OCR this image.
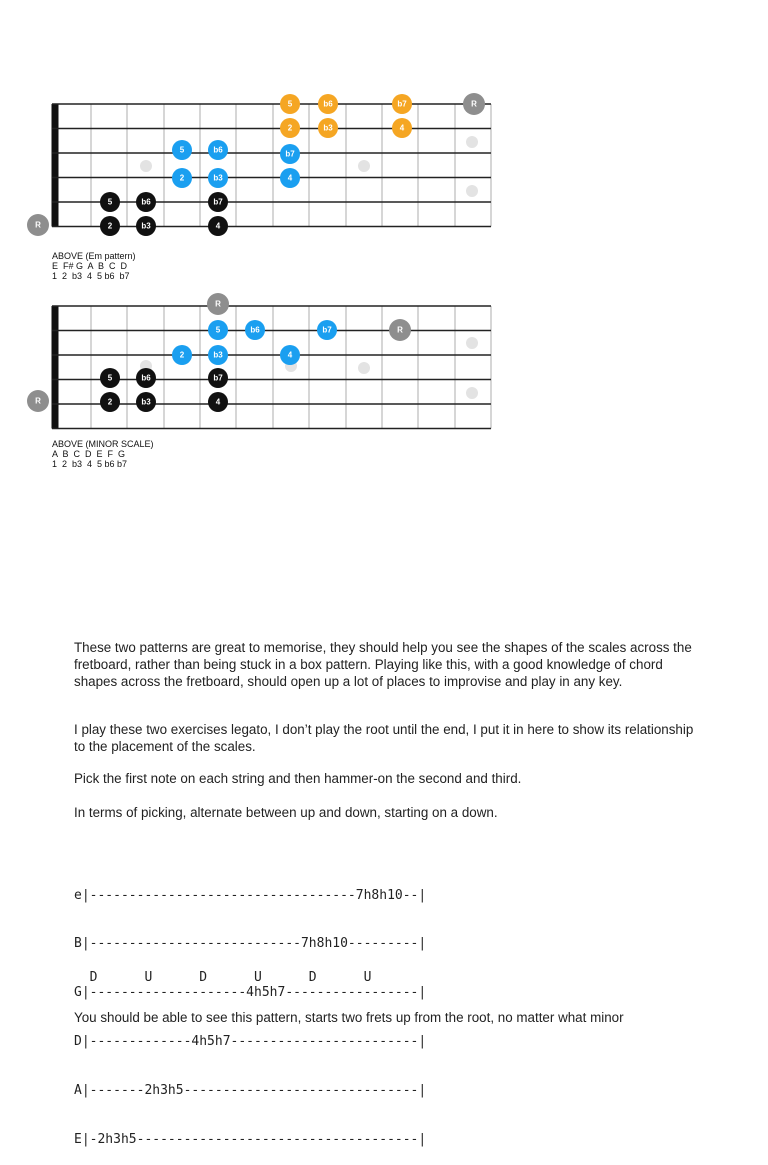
5	b6	b7	R
2	b3	4
5	b6	b7
2	b3	4
5	b6	b7
2	b3	4
R
ABOVE (Em pattern)
E  F# G  A  B  C  D
1  2  b3  4  5 b6  b7
R
5	b6	b7	R
2	b3	4
5	b6	b7
2	b3	4
R
ABOVE (MINOR SCALE)
A  B  C  D  E  F  G
1  2  b3  4  5 b6 b7

These two patterns are great to memorise, they should help you see the shapes of the scales across the fretboard, rather than being stuck in a box pattern. Playing like this, with a good knowledge of chord shapes across the fretboard, should open up a lot of places to improvise and play in any key.

I play these two exercises legato, I don’t play the root until the end, I put it in here to show its relationship to the placement of the scales.

Pick the first note on each string and then hammer-on the second and third.

In terms of picking, alternate between up and down, starting on a down.

e|----------------------------------7h8h10--|

B|---------------------------7h8h10---------|

G|--------------------4h5h7-----------------|

D|-------------4h5h7------------------------|

A|-------2h3h5------------------------------|

E|-2h3h5------------------------------------|

D      U      D      U      D      U
You should be able to see this pattern, starts two frets up from the root, no matter what minor
